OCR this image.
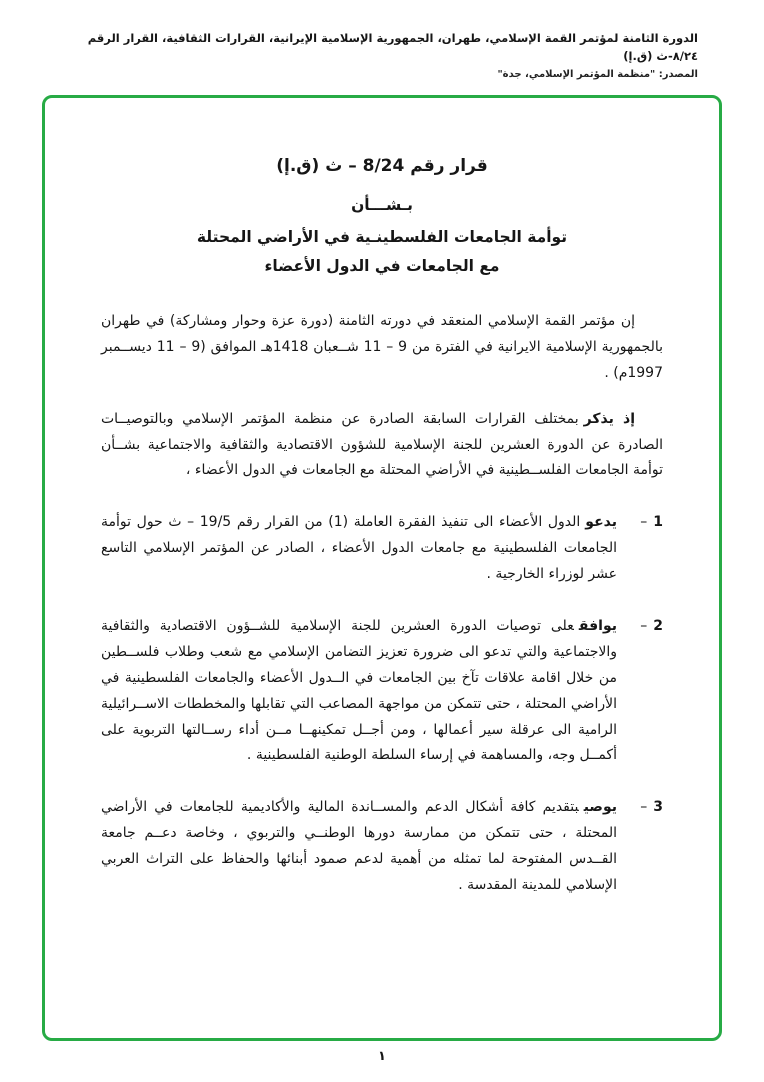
الدورة الثامنة لمؤتمر القمة الإسلامي، طهران، الجمهورية الإسلامية الإيرانية، القرارات الثقافية، القرار الرقم ٨/٢٤-ث (ق.إ)
المصدر: "منظمة المؤتمر الإسلامي، جدة"
قرار رقم 8/24 – ث (ق.إ)
بـشـــأن
توأمة الجامعات الفلسطينـية في الأراضي المحتلة
مع الجامعات في الدول الأعضاء

إن مؤتمر القمة الإسلامي المنعقد في دورته الثامنة (دورة عزة وحوار ومشاركة) في طهران بالجمهورية الإسلامية الايرانية في الفترة من 9 – 11 شــعبان 1418هـ الموافق (9 – 11 ديســمبر 1997م) .

إذ يذكربمختلف القرارات السابقة الصادرة عن منظمة المؤتمر الإسلامي وبالتوصيــات الصادرة عن الدورة العشرين للجنة الإسلامية للشؤون الاقتصادية والثقافية والاجتماعية بشــأن توأمة الجامعات الفلســطينية في الأراضي المحتلة مع الجامعات في الدول الأعضاء ،

1
–
يدعوالدول الأعضاء الى تنفيذ الفقرة العاملة (1) من القرار رقم 19/5 – ث حول توأمة الجامعات الفلسطينية مع جامعات الدول الأعضاء ، الصادر عن المؤتمر الإسلامي التاسع عشر لوزراء الخارجية .
2
–
يوافقعلى توصيات الدورة العشرين للجنة الإسلامية للشــؤون الاقتصادية والثقافية والاجتماعية والتي تدعو الى ضرورة تعزيز التضامن الإسلامي مع شعب وطلاب فلســطين من خلال اقامة علاقات تآخ بين الجامعات في الــدول الأعضاء والجامعات الفلسطينية في الأراضي المحتلة ، حتى تتمكن من مواجهة المصاعب التي تقابلها والمخططات الاســرائيلية الرامية الى عرقلة سير أعمالها ، ومن أجــل تمكينهــا مــن أداء رســالتها التربوية على أكمــل وجه، والمساهمة في إرساء السلطة الوطنية الفلسطينية .
3
–
يوصيبتقديم كافة أشكال الدعم والمســاندة المالية والأكاديمية للجامعات في الأراضي المحتلة ، حتى تتمكن من ممارسة دورها الوطنــي والتربوي ، وخاصة دعــم جامعة القــدس المفتوحة لما تمثله من أهمية لدعم صمود أبنائها والحفاظ على التراث العربي الإسلامي للمدينة المقدسة .
١
